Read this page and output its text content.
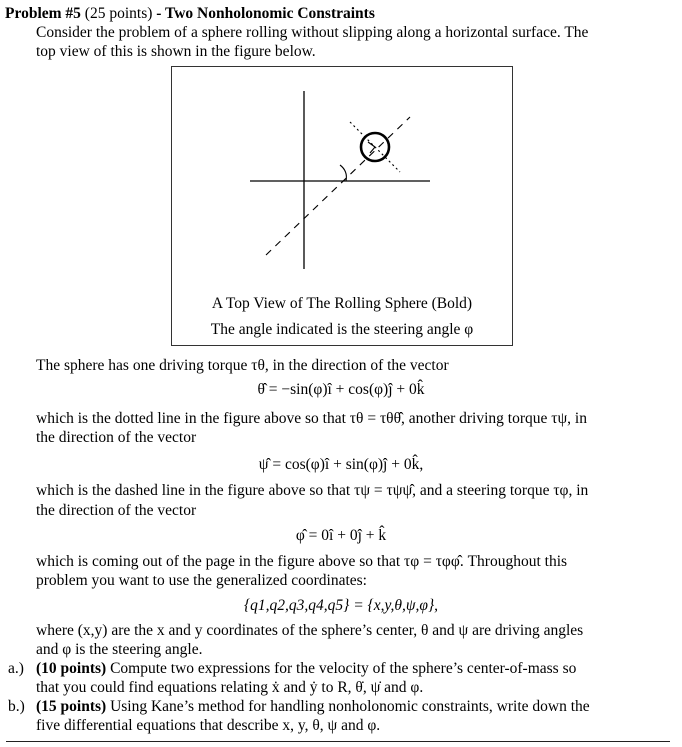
Problem #5 (25 points) - Two Nonholonomic Constraints
Consider the problem of a sphere rolling without slipping along a horizontal surface. The
top view of this is shown in the figure below.
A Top View of The Rolling Sphere (Bold)
The angle indicated is the steering angle φ
The sphere has one driving torque τθ, in the direction of the vector
θ̂ = −sin(φ)î + cos(φ)ĵ + 0k̂
which is the dotted line in the figure above so that τθ = τθθ̂, another driving torque τψ, in
the direction of the vector
ψ̂ = cos(φ)î + sin(φ)ĵ + 0k̂,
which is the dashed line in the figure above so that τψ = τψψ̂, and a steering torque τφ, in
the direction of the vector
φ̂ = 0î + 0ĵ + k̂
which is coming out of the page in the figure above so that τφ = τφφ̂. Throughout this
problem you want to use the generalized coordinates:
{q1,q2,q3,q4,q5} = {x,y,θ,ψ,φ},
where (x,y) are the x and y coordinates of the sphere’s center, θ and ψ are driving angles
and φ is the steering angle.
a.) (10 points) Compute two expressions for the velocity of the sphere’s center-of-mass so
that you could find equations relating ẋ and ẏ to R, θ̇, ψ̇ and φ.
b.) (15 points) Using Kane’s method for handling nonholonomic constraints, write down the
five differential equations that describe x, y, θ, ψ and φ.
